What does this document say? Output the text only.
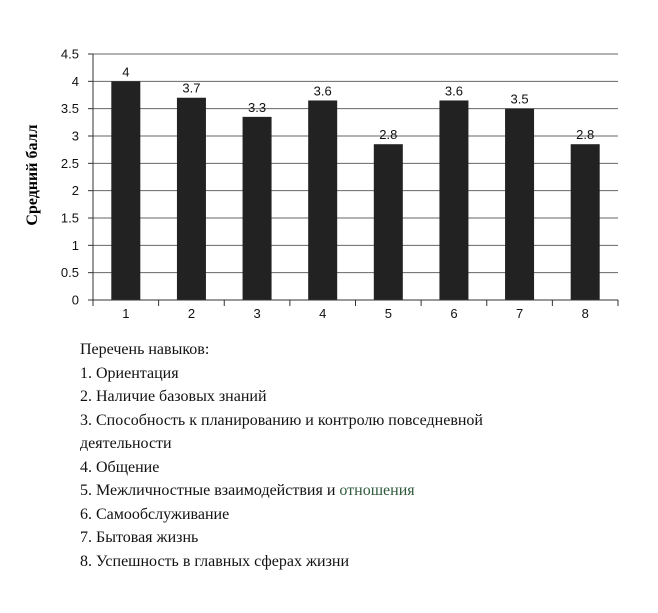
0
0.5
1
1.5
2
2.5
3
3.5
4
4.5
1	2	3	4	5	6	7	8
4
3.7
3.3
3.6
2.8
3.6
3.5
2.8
Средний балл
Перечень навыков:
1. Ориентация
2. Наличие базовых знаний
3. Способность к планированию и контролю повседневной
деятельности
4. Общение
5. Межличностные взаимодействия и отношения
6. Самообслуживание
7. Бытовая жизнь
8. Успешность в главных сферах жизни
